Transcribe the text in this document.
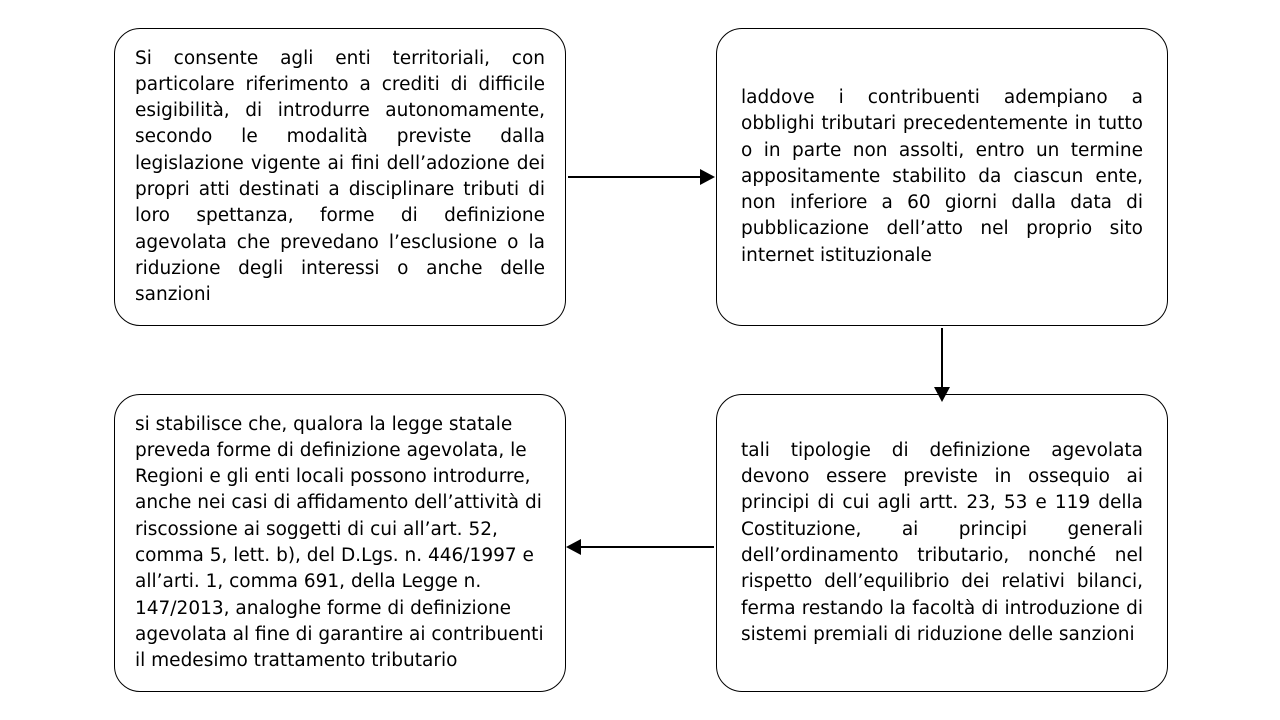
Si consente agli enti territoriali, con particolare riferimento a crediti di difficile esigibilità, di introdurre autonomamente, secondo le modalità previste dalla legislazione vigente ai fini dell’adozione dei propri atti destinati a disciplinare tributi di loro spettanza, forme di definizione agevolata che prevedano l’esclusione o la riduzione degli interessi o anche delle sanzioni
laddove i contribuenti adempiano a obblighi tributari precedentemente in tutto o in parte non assolti, entro un termine appositamente stabilito da ciascun ente, non inferiore a 60 giorni dalla data di pubblicazione dell’atto nel proprio sito internet istituzionale
tali tipologie di definizione agevolata devono essere previste in ossequio ai principi di cui agli artt. 23, 53 e 119 della Costituzione, ai principi generali dell’ordinamento tributario, nonché nel rispetto dell’equilibrio dei relativi bilanci, ferma restando la facoltà di introduzione di sistemi premiali di riduzione delle sanzioni
si stabilisce che, qualora la legge statale preveda forme di definizione agevolata, le Regioni e gli enti locali possono introdurre, anche nei casi di affidamento dell’attività di riscossione ai soggetti di cui all’art. 52, comma 5, lett. b), del D.Lgs. n. 446/1997 e all’arti. 1, comma 691, della Legge n. 147/2013, analoghe forme di definizione agevolata al fine di garantire ai contribuenti il medesimo trattamento tributario
